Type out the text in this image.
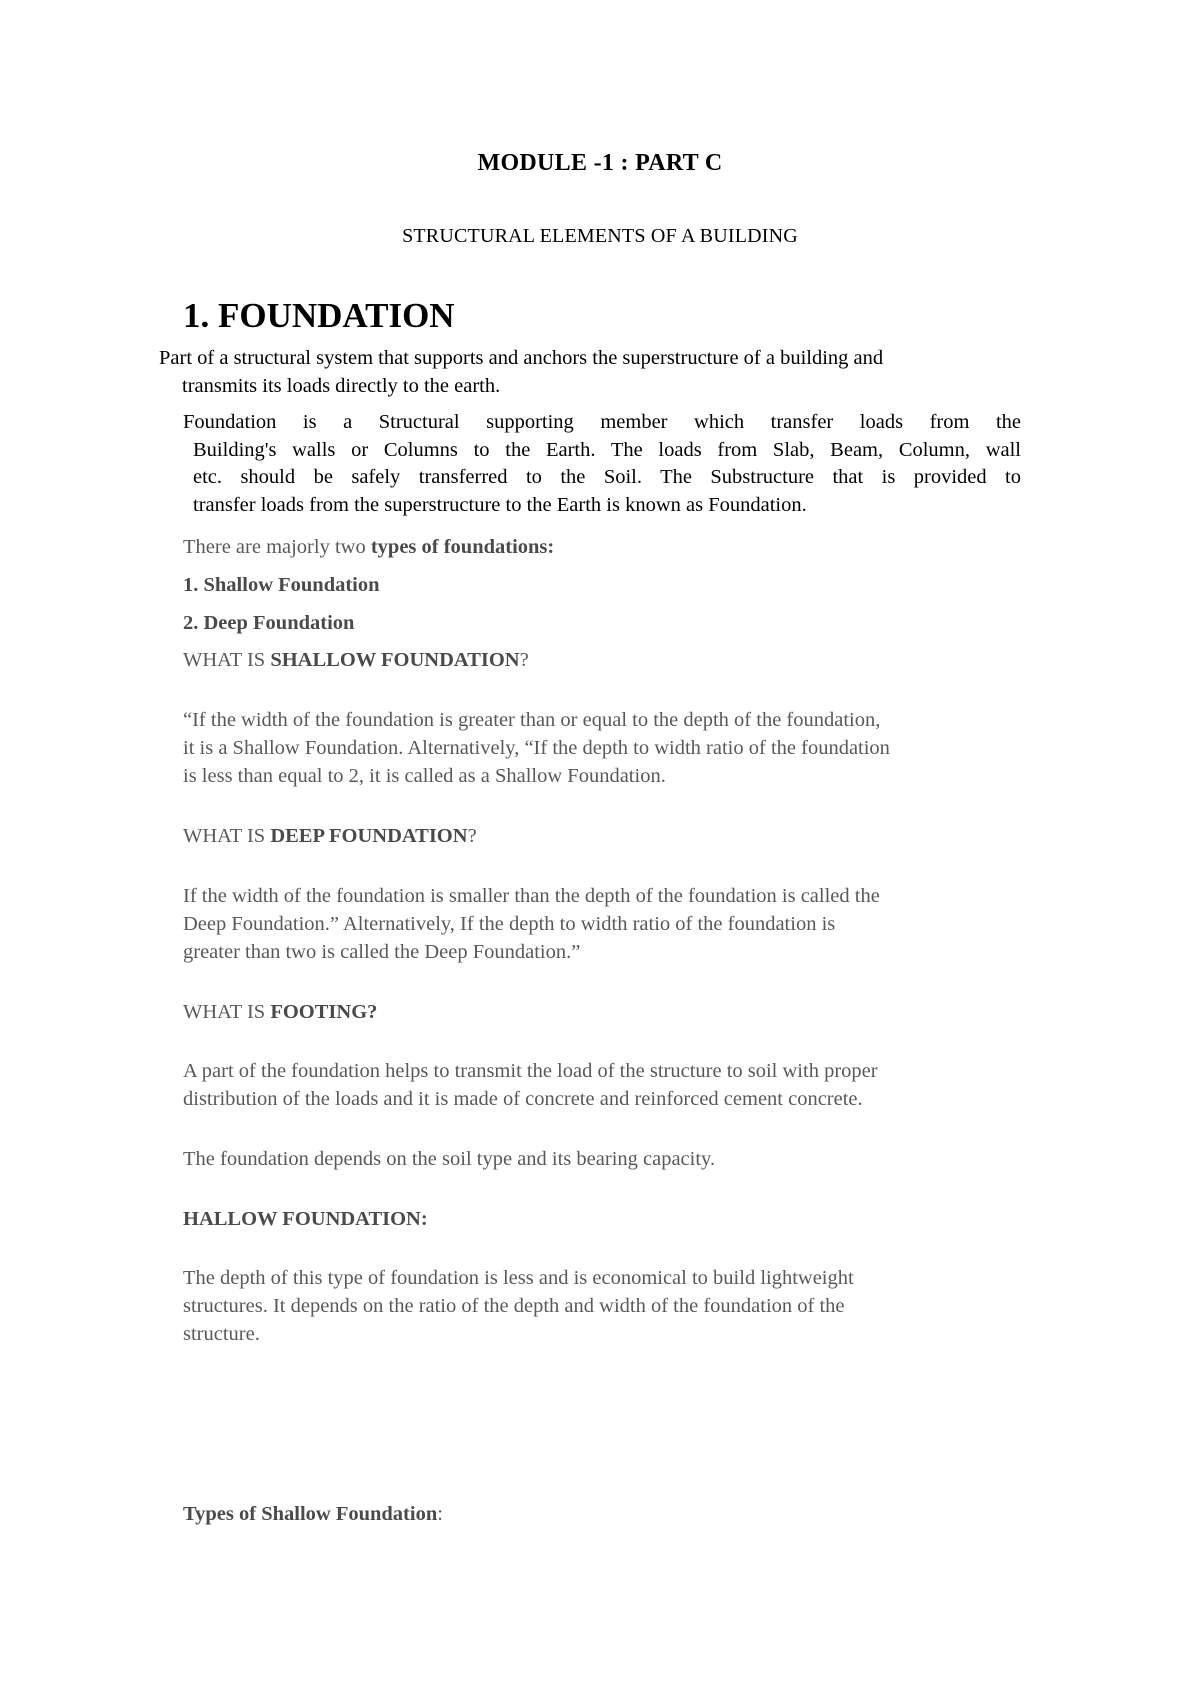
MODULE -1 : PART C

STRUCTURAL ELEMENTS OF A BUILDING

1. FOUNDATION

Part of a structural system that supports and anchors the superstructure of a building and

transmits its loads directly to the earth.

Foundation is a Structural supporting member which transfer loads from the
Building's walls or Columns to the Earth. The loads from Slab, Beam, Column, wall
etc. should be safely transferred to the Soil. The Substructure that is provided to
transfer loads from the superstructure to the Earth is known as Foundation.

There are majorly two types of foundations:

1. Shallow Foundation

2. Deep Foundation

WHAT IS SHALLOW FOUNDATION?

“If the width of the foundation is greater than or equal to the depth of the foundation,

it is a Shallow Foundation. Alternatively, “If the depth to width ratio of the foundation

is less than equal to 2, it is called as a Shallow Foundation.

WHAT IS DEEP FOUNDATION?

If the width of the foundation is smaller than the depth of the foundation is called the

Deep Foundation.” Alternatively, If the depth to width ratio of the foundation is

greater than two is called the Deep Foundation.”

WHAT IS FOOTING?

A part of the foundation helps to transmit the load of the structure to soil with proper

distribution of the loads and it is made of concrete and reinforced cement concrete.

The foundation depends on the soil type and its bearing capacity.

HALLOW FOUNDATION:

The depth of this type of foundation is less and is economical to build lightweight

structures. It depends on the ratio of the depth and width of the foundation of the

structure.

Types of Shallow Foundation:
